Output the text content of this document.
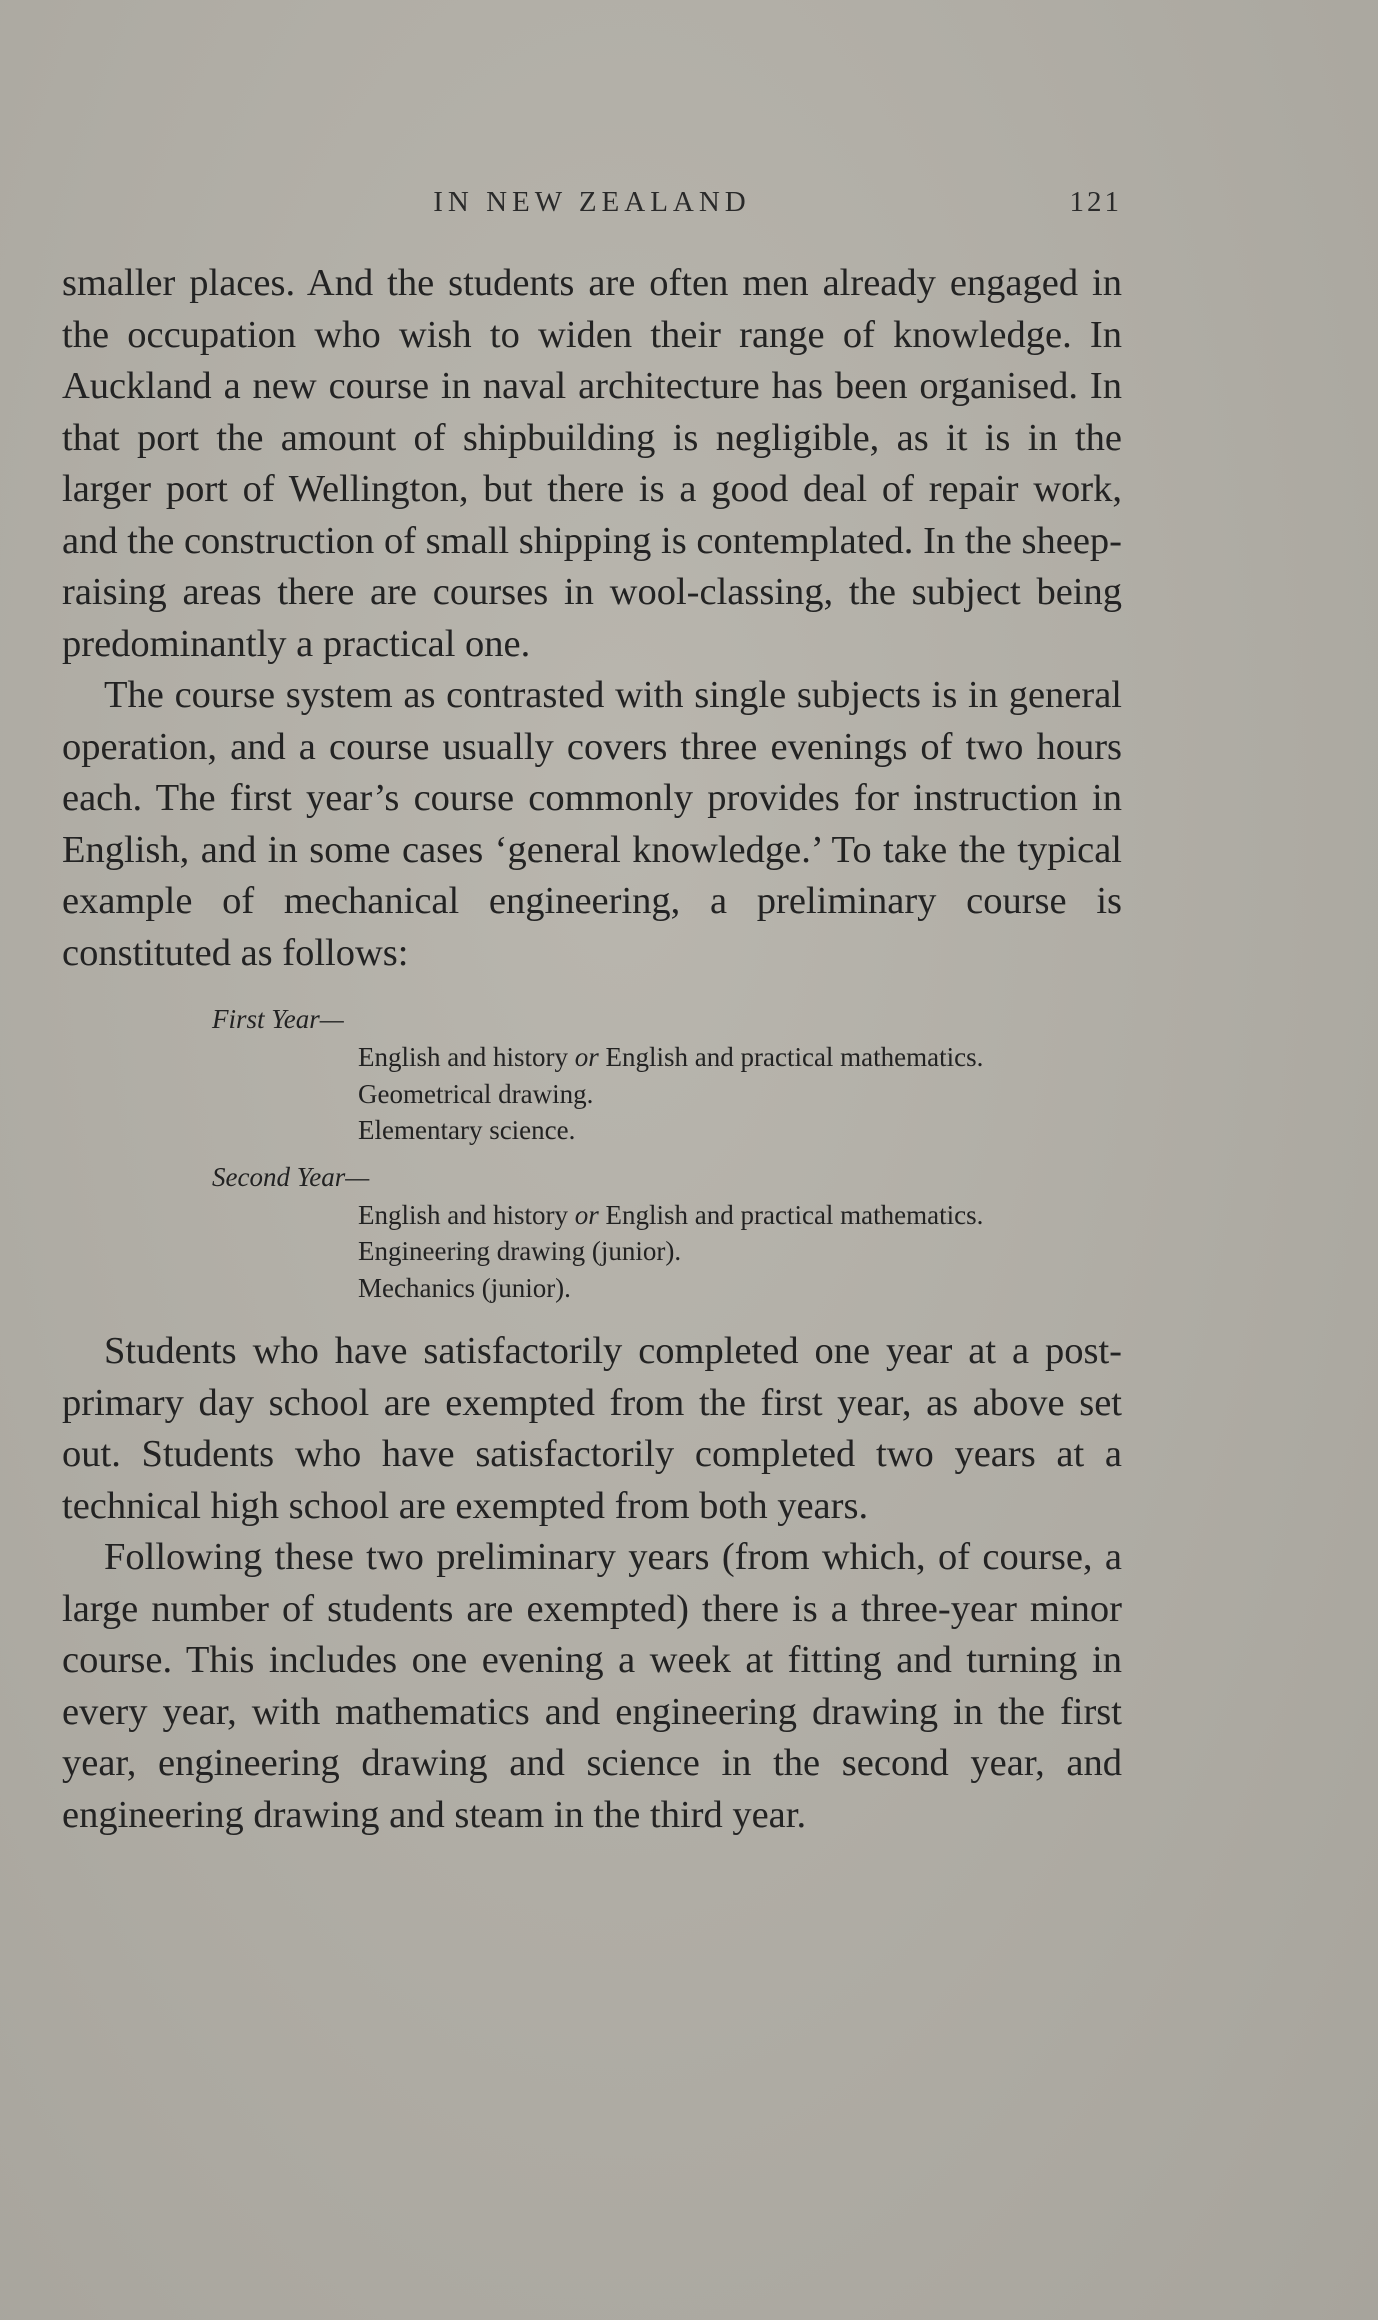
IN NEW ZEALAND	121

smaller places. And the students are often men already engaged in the occupation who wish to widen their range of knowledge. In Auckland a new course in naval architecture has been organised. In that port the amount of shipbuilding is negligible, as it is in the larger port of Wellington, but there is a good deal of repair work, and the construction of small shipping is contemplated. In the sheep-raising areas there are courses in wool-classing, the subject being predominantly a practical one.

The course system as contrasted with single subjects is in general operation, and a course usually covers three evenings of two hours each. The first year’s course commonly provides for instruction in English, and in some cases ‘general knowledge.’ To take the typical example of mechanical engineering, a preliminary course is constituted as follows:

First Year—

English and history or English and practical mathematics.
Geometrical drawing.
Elementary science.

Second Year—

English and history or English and practical mathematics.
Engineering drawing (junior).
Mechanics (junior).

Students who have satisfactorily completed one year at a post-primary day school are exempted from the first year, as above set out. Students who have satisfactorily completed two years at a technical high school are exempted from both years.

Following these two preliminary years (from which, of course, a large number of students are exempted) there is a three-year minor course. This includes one evening a week at fitting and turning in every year, with mathematics and engineering drawing in the first year, engineering drawing and science in the second year, and engineering drawing and steam in the third year.
